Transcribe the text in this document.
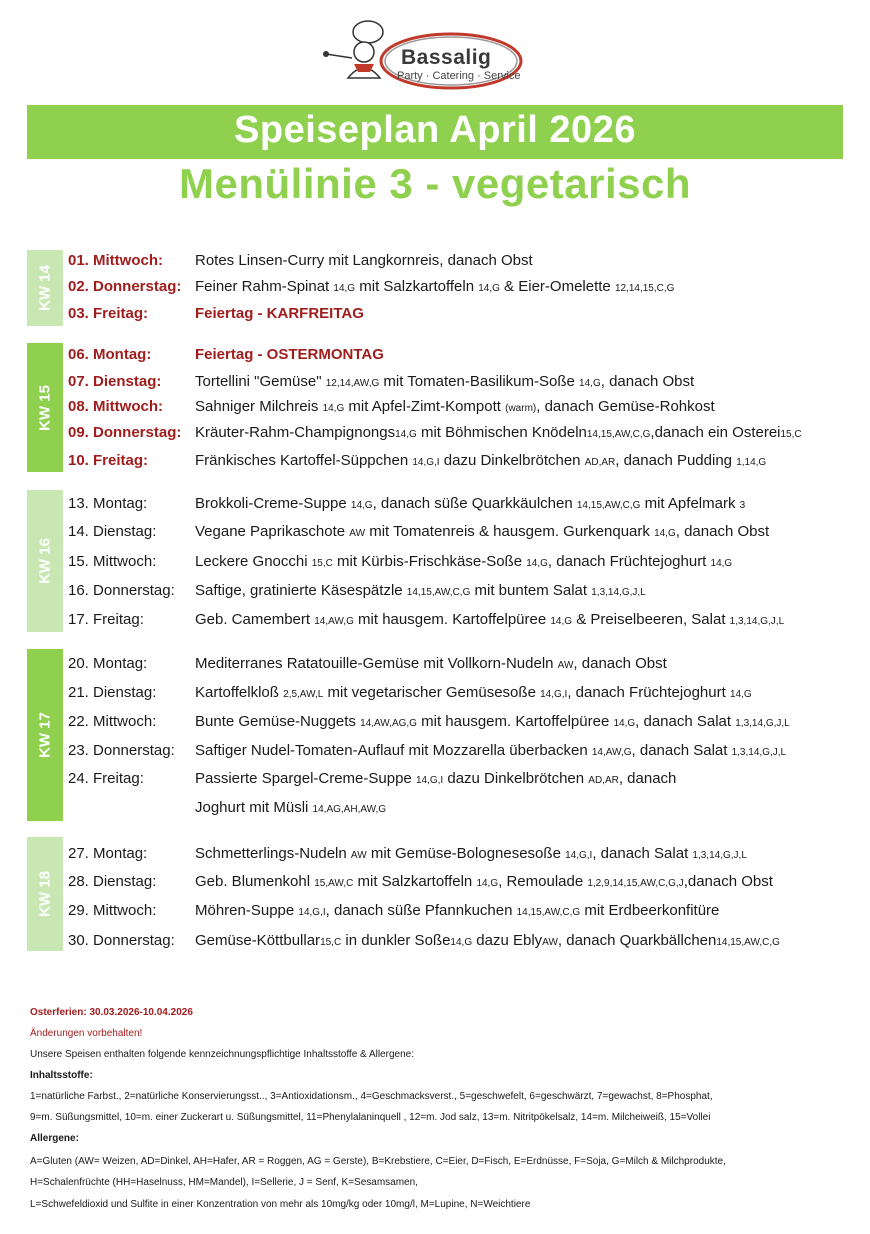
Bassalig
Party · Catering · Service
Speiseplan April 2026
Menülinie 3 - vegetarisch
KW 14
01. Mittwoch: Rotes Linsen-Curry mit Langkornreis, danach Obst
02. Donnerstag: Feiner Rahm-Spinat 14,G mit Salzkartoffeln 14,G & Eier-Omelette 12,14,15,C,G
03. Freitag:	Feiertag - KARFREITAG
KW 15
06. Montag:	Feiertag - OSTERMONTAG
07. Dienstag: Tortellini "Gemüse" 12,14,AW,G mit Tomaten-Basilikum-Soße 14,G, danach Obst
08. Mittwoch: Sahniger Milchreis 14,G mit Apfel-Zimt-Kompott (warm), danach Gemüse-Rohkost
09. Donnerstag: Kräuter-Rahm-Champignongs14,G mit Böhmischen Knödeln14,15,AW,C,G,danach ein Osterei15,C
10. Freitag:	Fränkisches Kartoffel-Süppchen 14,G,I dazu Dinkelbrötchen AD,AR, danach Pudding 1,14,G
KW 16
13. Montag:	Brokkoli-Creme-Suppe 14,G, danach süße Quarkkäulchen 14,15,AW,C,G mit Apfelmark 3
14. Dienstag:	Vegane Paprikaschote AW mit Tomatenreis & hausgem. Gurkenquark 14,G, danach Obst
15. Mittwoch:	Leckere Gnocchi 15,C mit Kürbis-Frischkäse-Soße 14,G, danach Früchtejoghurt 14,G
16. Donnerstag: Saftige, gratinierte Käsespätzle 14,15,AW,C,G mit buntem Salat 1,3,14,G,J,L
17. Freitag:	Geb. Camembert 14,AW,G mit hausgem. Kartoffelpüree 14,G & Preiselbeeren, Salat 1,3,14,G,J,L
KW 17
20. Montag:	Mediterranes Ratatouille-Gemüse mit Vollkorn-Nudeln AW, danach Obst
21. Dienstag:	Kartoffelkloß 2,5,AW,L mit vegetarischer Gemüsesoße 14,G,I, danach Früchtejoghurt 14,G
22. Mittwoch:	Bunte Gemüse-Nuggets 14,AW,AG,G mit hausgem. Kartoffelpüree 14,G, danach Salat 1,3,14,G,J,L
23. Donnerstag: Saftiger Nudel-Tomaten-Auflauf mit Mozzarella überbacken 14,AW,G, danach Salat 1,3,14,G,J,L
24. Freitag:	Passierte Spargel-Creme-Suppe 14,G,I dazu Dinkelbrötchen AD,AR, danach
Joghurt mit Müsli 14,AG,AH,AW,G
KW 18
27. Montag:	Schmetterlings-Nudeln AW mit Gemüse-Bolognesesoße 14,G,I, danach Salat 1,3,14,G,J,L
28. Dienstag:	Geb. Blumenkohl 15,AW,C mit Salzkartoffeln 14,G, Remoulade 1,2,9,14,15,AW,C,G,J,danach Obst
29. Mittwoch:	Möhren-Suppe 14,G,I, danach süße Pfannkuchen 14,15,AW,C,G mit Erdbeerkonfitüre
30. Donnerstag: Gemüse-Köttbullar15,C in dunkler Soße14,G dazu EblyAW, danach Quarkbällchen14,15,AW,C,G
Osterferien: 30.03.2026-10.04.2026
Änderungen vorbehalten!
Unsere Speisen enthalten folgende kennzeichnungspflichtige Inhaltsstoffe & Allergene:
Inhaltsstoffe:
1=natürliche Farbst., 2=natürliche Konservierungsst.., 3=Antioxidationsm., 4=Geschmacksverst., 5=geschwefelt, 6=geschwärzt, 7=gewachst, 8=Phosphat,
9=m. Süßungsmittel, 10=m. einer Zuckerart u. Süßungsmittel, 11=Phenylalaninquell , 12=m. Jod salz, 13=m. Nitritpökelsalz, 14=m. Milcheiweiß, 15=Vollei
Allergene:
A=Gluten (AW= Weizen, AD=Dinkel, AH=Hafer, AR = Roggen, AG = Gerste), B=Krebstiere, C=Eier, D=Fisch, E=Erdnüsse, F=Soja, G=Milch & Milchprodukte,
H=Schalenfrüchte (HH=Haselnuss, HM=Mandel), I=Sellerie, J = Senf, K=Sesamsamen,
L=Schwefeldioxid und Sulfite in einer Konzentration von mehr als 10mg/kg oder 10mg/l, M=Lupine, N=Weichtiere
